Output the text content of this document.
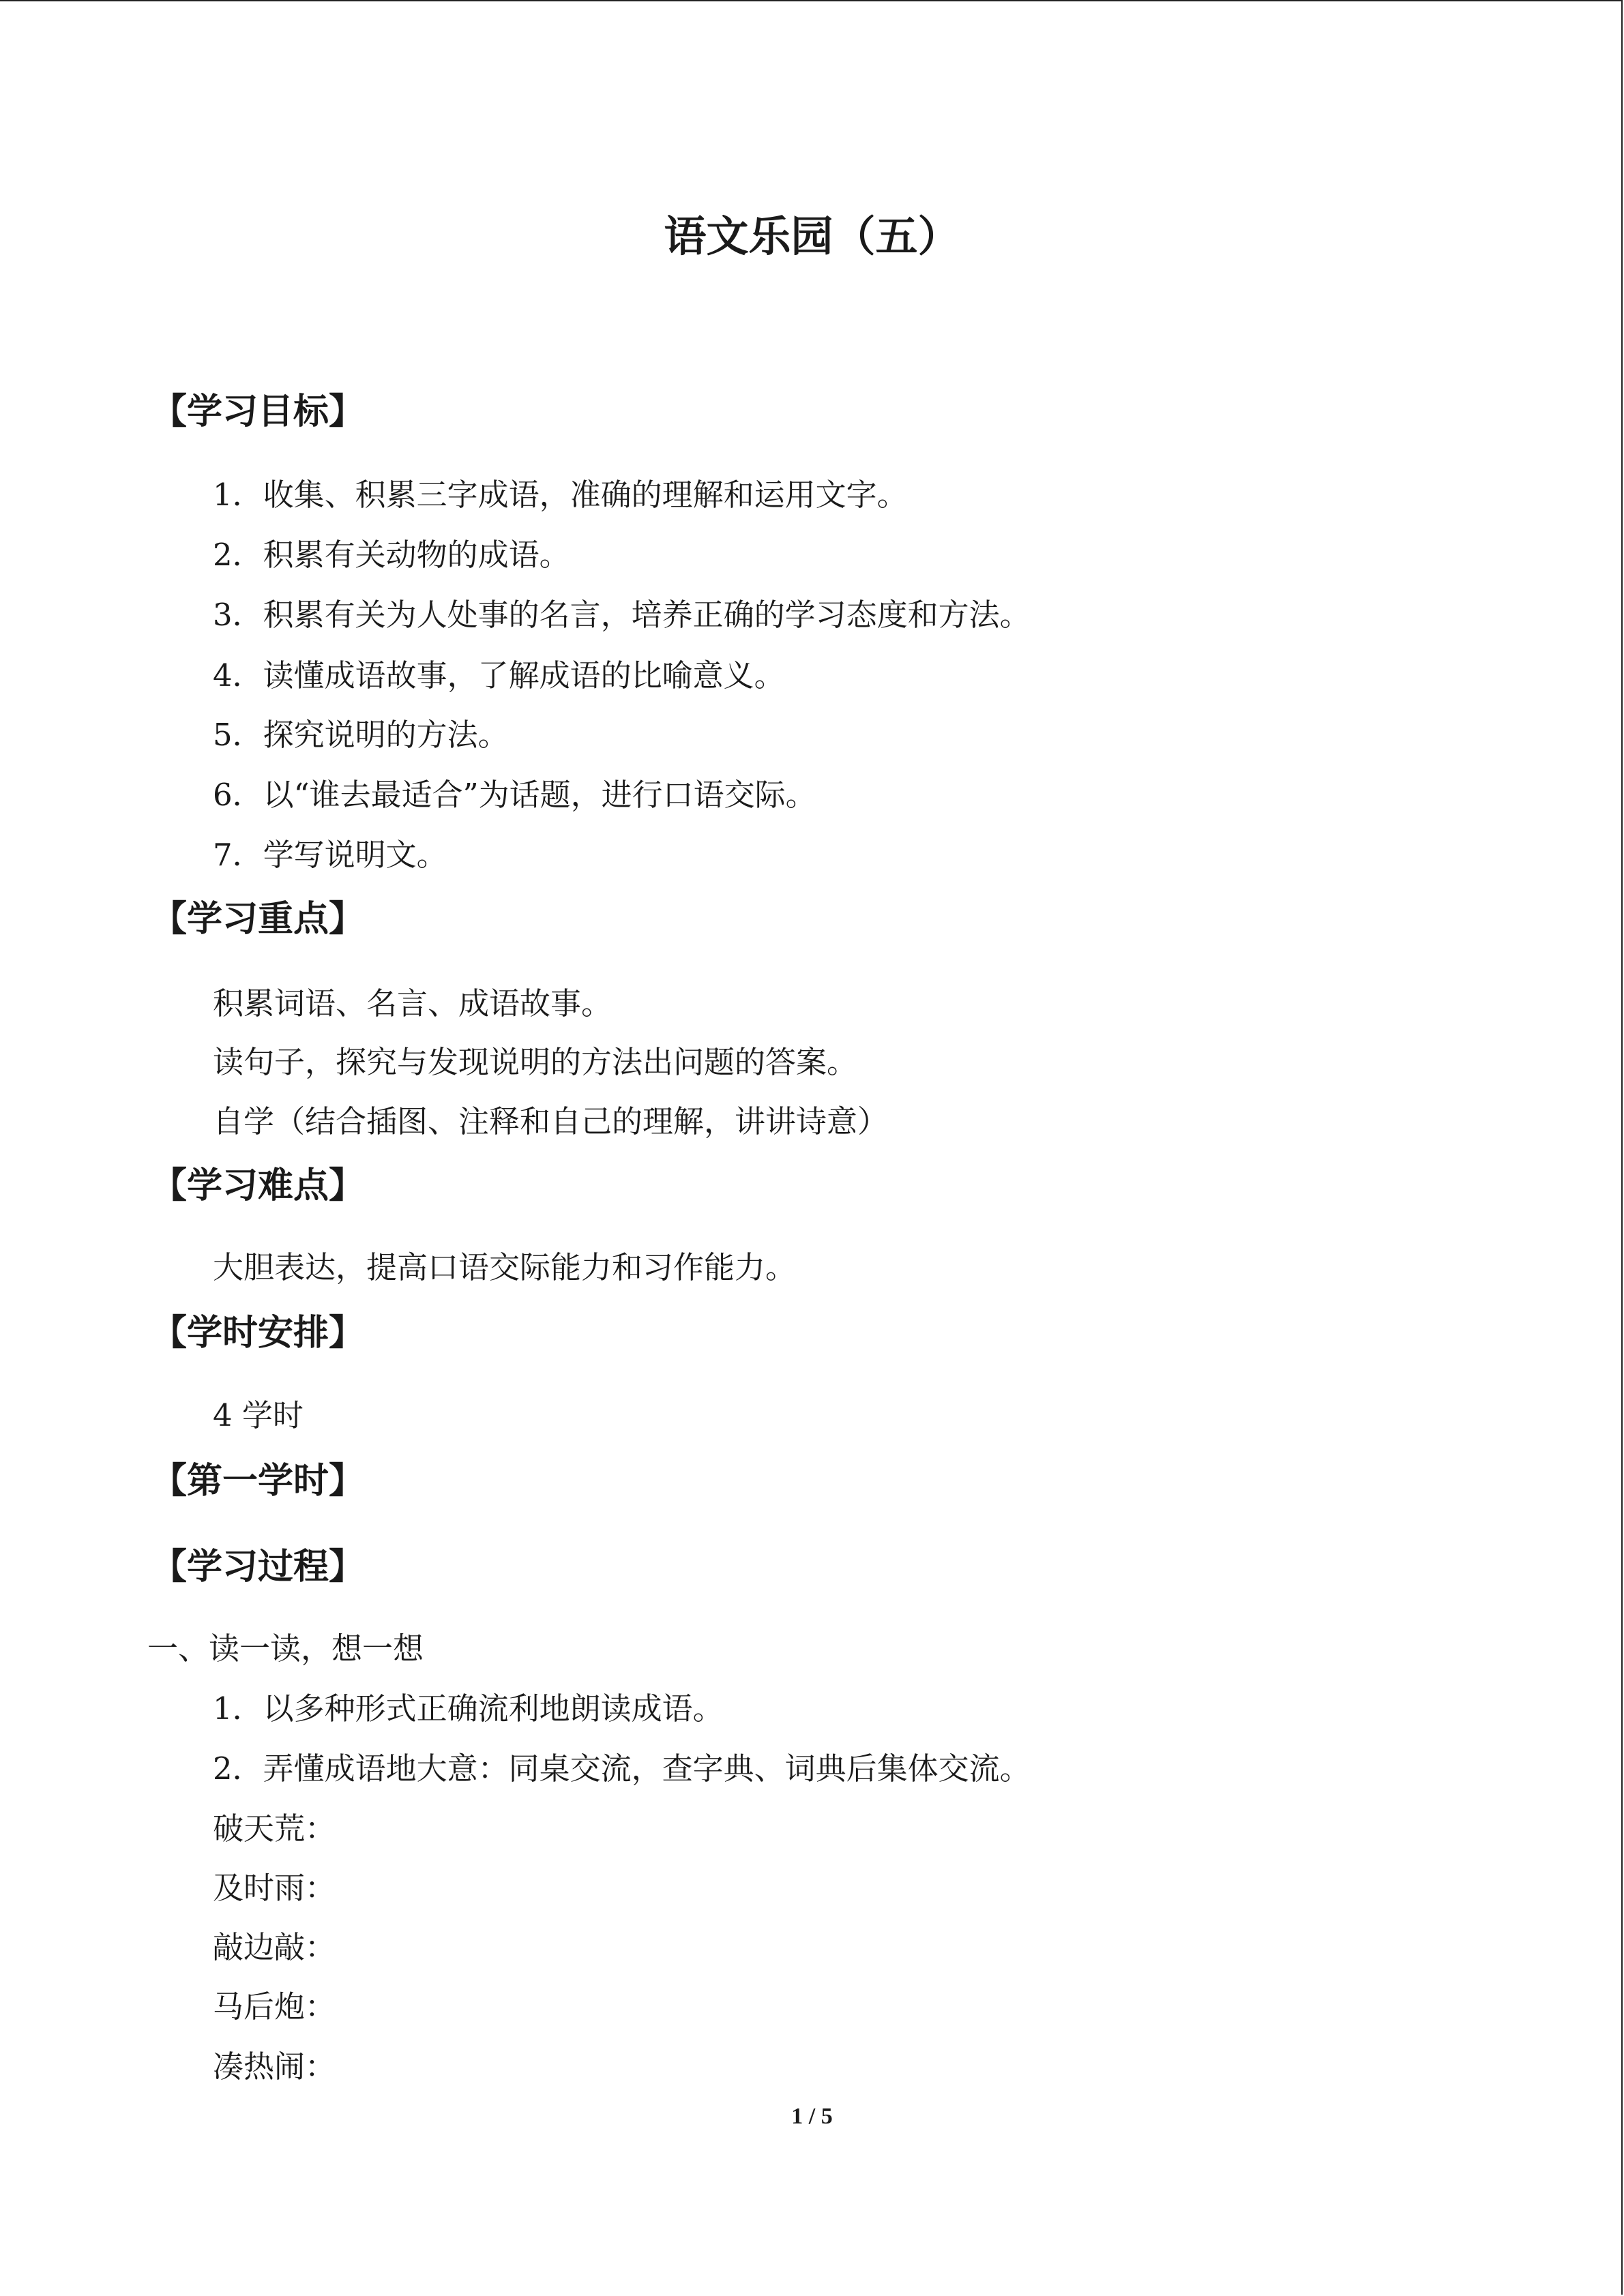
语文乐园（五）
【学习目标】
1．收集、积累三字成语，准确的理解和运用文字。
2．积累有关动物的成语。
3．积累有关为人处事的名言，培养正确的学习态度和方法。
4．读懂成语故事，了解成语的比喻意义。
5．探究说明的方法。
6．以“谁去最适合”为话题，进行口语交际。
7．学写说明文。
【学习重点】
积累词语、名言、成语故事。
读句子，探究与发现说明的方法出问题的答案。
自学（结合插图、注释和自己的理解，讲讲诗意）
【学习难点】
大胆表达，提高口语交际能力和习作能力。
【学时安排】
4 学时
【第一学时】
【学习过程】
一、读一读，想一想
1．以多种形式正确流利地朗读成语。
2．弄懂成语地大意：同桌交流，查字典、词典后集体交流。
破天荒：
及时雨：
敲边敲：
马后炮：
凑热闹：
1 / 5
